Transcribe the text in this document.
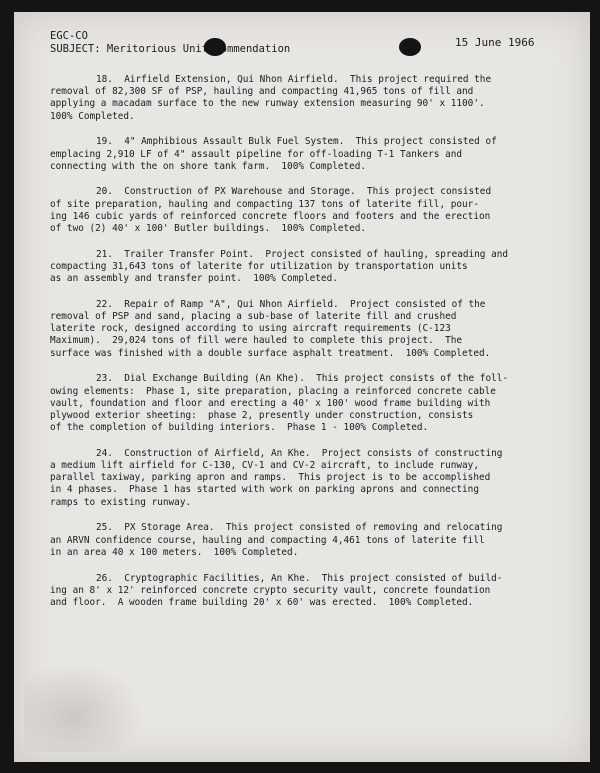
EGC-CO
SUBJECT: Meritorious Unit Commendation	15 June 1966
18.  Airfield Extension, Qui Nhon Airfield.  This project required the
removal of 82,300 SF of PSP, hauling and compacting 41,965 tons of fill and
applying a macadam surface to the new runway extension measuring 90' x 1100'.
100% Completed.
19.  4" Amphibious Assault Bulk Fuel System.  This project consisted of
emplacing 2,910 LF of 4" assault pipeline for off-loading T-1 Tankers and
connecting with the on shore tank farm.  100% Completed.
20.  Construction of PX Warehouse and Storage.  This project consisted
of site preparation, hauling and compacting 137 tons of laterite fill, pour-
ing 146 cubic yards of reinforced concrete floors and footers and the erection
of two (2) 40' x 100' Butler buildings.  100% Completed.
21.  Trailer Transfer Point.  Project consisted of hauling, spreading and
compacting 31,643 tons of laterite for utilization by transportation units
as an assembly and transfer point.  100% Completed.
22.  Repair of Ramp "A", Qui Nhon Airfield.  Project consisted of the
removal of PSP and sand, placing a sub-base of laterite fill and crushed
laterite rock, designed according to using aircraft requirements (C-123
Maximum).  29,024 tons of fill were hauled to complete this project.  The
surface was finished with a double surface asphalt treatment.  100% Completed.
23.  Dial Exchange Building (An Khe).  This project consists of the foll-
owing elements:  Phase 1, site preparation, placing a reinforced concrete cable
vault, foundation and floor and erecting a 40' x 100' wood frame building with
plywood exterior sheeting:  phase 2, presently under construction, consists
of the completion of building interiors.  Phase 1 - 100% Completed.
24.  Construction of Airfield, An Khe.  Project consists of constructing
a medium lift airfield for C-130, CV-1 and CV-2 aircraft, to include runway,
parallel taxiway, parking apron and ramps.  This project is to be accomplished
in 4 phases.  Phase 1 has started with work on parking aprons and connecting
ramps to existing runway.
25.  PX Storage Area.  This project consisted of removing and relocating
an ARVN confidence course, hauling and compacting 4,461 tons of laterite fill
in an area 40 x 100 meters.  100% Completed.
26.  Cryptographic Facilities, An Khe.  This project consisted of build-
ing an 8' x 12' reinforced concrete crypto security vault, concrete foundation
and floor.  A wooden frame building 20' x 60' was erected.  100% Completed.
